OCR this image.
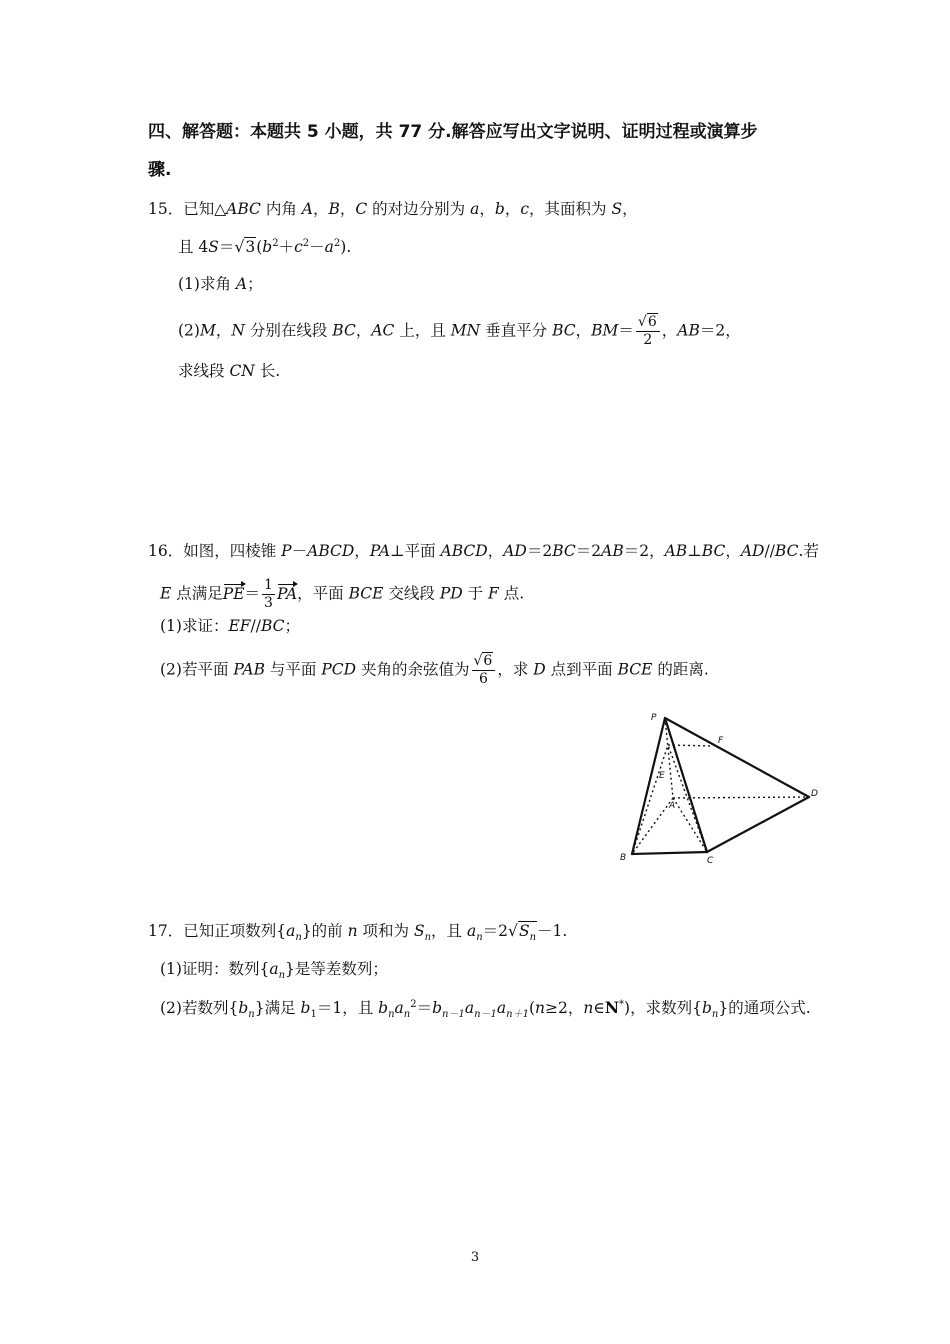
四、解答题：本题共 5 小题，共 77 分.解答应写出文字说明、证明过程或演算步
骤.
15．已知△ABC 内角 A，B，C 的对边分别为 a，b，c，其面积为 S，
且 $4S=√3(b^2+c^2-a^2)$.
(1)求角 A；
(2)M，N 分别在线段 BC，AC 上，且 MN 垂直平分 BC，$BM= \frac{√6}{2}$ ，AB＝2，
求线段 CN 长.
16．如图，四棱锥 P－ABCD，PA⊥平面 ABCD，AD＝2BC＝2AB＝2，AB⊥BC，AD//BC.若
E 点满足$PE= \frac{1}{3}$ PA，平面 BCE 交线段 PD 于 F 点.
(1)求证：EF//BC；
(2)若平面 PAB 与平面 PCD 夹角的余弦值为 $\frac{√6}{6}$ ，求 D 点到平面 BCE 的距离.
P
F
E
A
D
B	C
17．已知正项数列$\{a_n\}$的前 n 项和为 $S_n$，且 $a_n=2√S_n-1$.
(1)证明：数列$\{a_n\}$是等差数列；
(2)若数列$\{b_n\}$满足 $b_1=1$，且 $b_na_n^2=b_{n-1}a_{n-1}a_{n+1}(n\ge 2$，n∈N*)，求数列$\{b_n\}$的通项公式.
3
